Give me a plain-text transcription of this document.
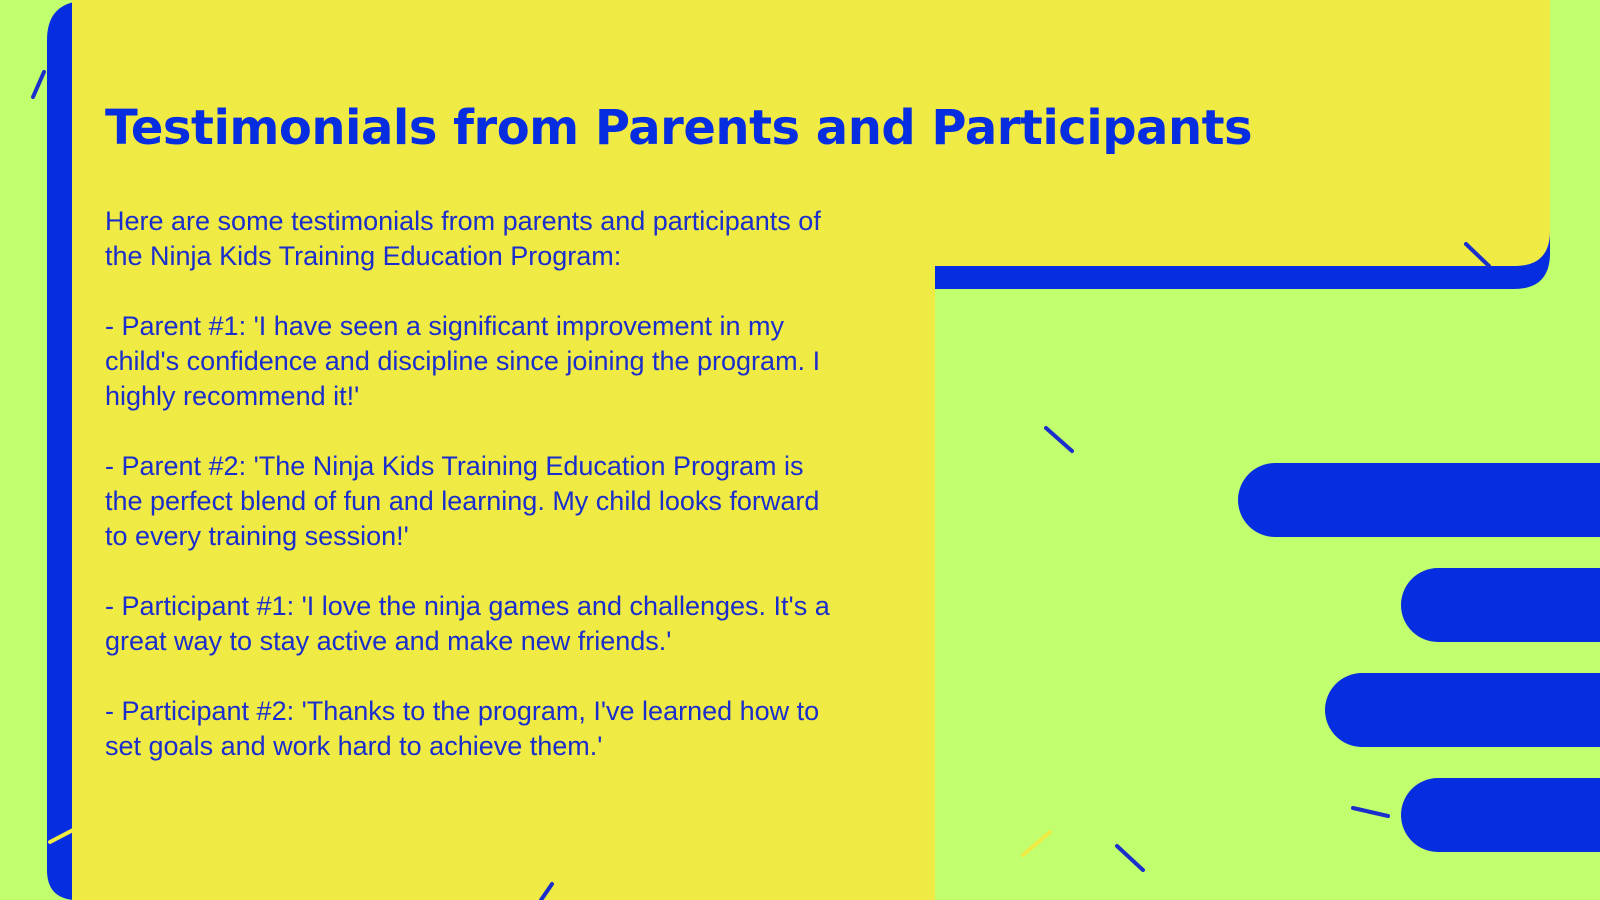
Testimonials from Parents and Participants

Here are some testimonials from parents and participants of the Ninja Kids Training Education Program:

- Parent #1: 'I have seen a significant improvement in my child's confidence and discipline since joining the program. I highly recommend it!'

- Parent #2: 'The Ninja Kids Training Education Program is the perfect blend of fun and learning. My child looks forward to every training session!'

- Participant #1: 'I love the ninja games and challenges. It's a great way to stay active and make new friends.'

- Participant #2: 'Thanks to the program, I've learned how to set goals and work hard to achieve them.'
